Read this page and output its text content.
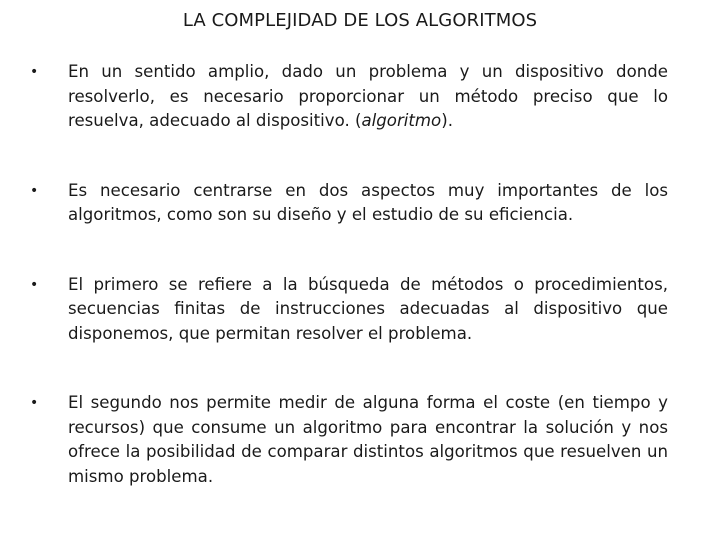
LA COMPLEJIDAD DE LOS ALGORITMOS
• En un sentido amplio, dado un problema y un dispositivo donde resolverlo, es necesario proporcionar un método preciso que lo resuelva, adecuado al dispositivo. (algoritmo).
• Es necesario centrarse en dos aspectos muy importantes de los algoritmos, como son su diseño y el estudio de su eficiencia.
• El primero se refiere a la búsqueda de métodos o procedimientos, secuencias finitas de instrucciones adecuadas al dispositivo que disponemos, que permitan resolver el problema.
• El segundo nos permite medir de alguna forma el coste (en tiempo y recursos) que consume un algoritmo para encontrar la solución y nos ofrece la posibilidad de comparar distintos algoritmos que resuelven un mismo problema.
